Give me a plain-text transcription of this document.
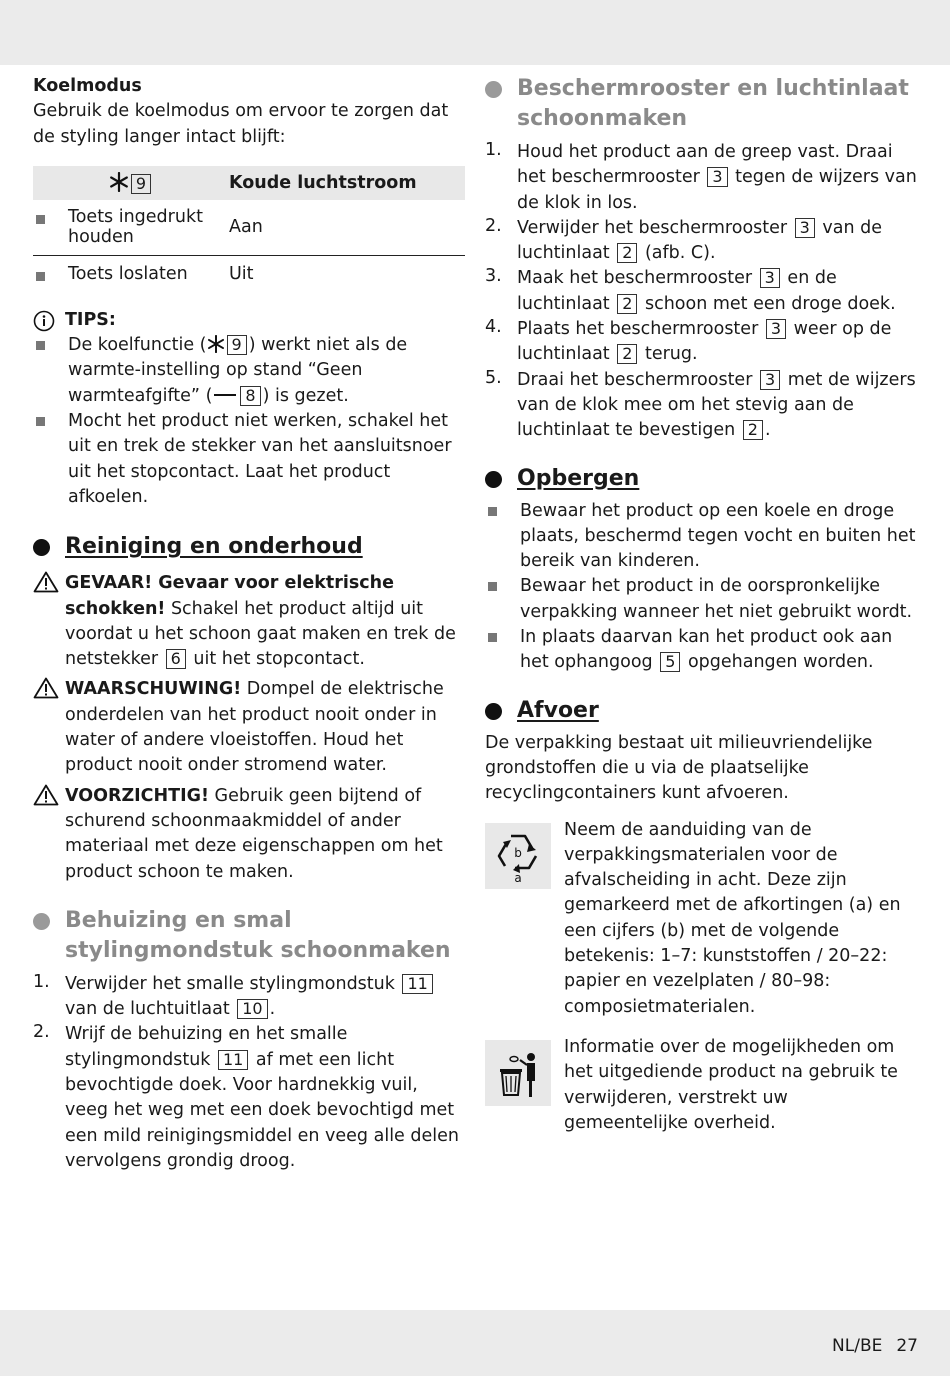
Koelmodus

Gebruik de koelmodus om ervoor te zorgen dat de styling langer intact blijft:

9	Koude luchtstroom

Toets ingedrukt houden	Aan

Toets loslaten	Uit

TIPS:

De koelfunctie ( 9 ) werkt niet als de warmte-instelling op stand “Geen warmteafgifte” ( 8 ) is gezet.

Mocht het product niet werken, schakel het uit en trek de stekker van het aansluitsnoer uit het stopcontact. Laat het product afkoelen.

Reiniging en onderhoud

GEVAAR! Gevaar voor elektrische schokken! Schakel het product altijd uit voordat u het schoon gaat maken en trek de netstekker 6 uit het stopcontact.

WAARSCHUWING! Dompel de elektrische onderdelen van het product nooit onder in water of andere vloeistoffen. Houd het product nooit onder stromend water.

VOORZICHTIG! Gebruik geen bijtend of schurend schoonmaakmiddel of ander materiaal met deze eigenschappen om het product schoon te maken.

Behuizing en smal stylingmondstuk schoonmaken
1. Verwijder het smalle stylingmondstuk 11 van de luchtuitlaat 10 .

2. Wrijf de behuizing en het smalle stylingmondstuk 11 af met een licht bevochtigde doek. Voor hardnekkig vuil, veeg het weg met een doek bevochtigd met een mild reinigingsmiddel en veeg alle delen vervolgens grondig droog.

Beschermrooster en luchtinlaat schoonmaken
1. Houd het product aan de greep vast. Draai het beschermrooster 3 tegen de wijzers van de klok in los.

2. Verwijder het beschermrooster 3 van de luchtinlaat 2 (afb. C).

3. Maak het beschermrooster 3 en de luchtinlaat 2 schoon met een droge doek.

4. Plaats het beschermrooster 3 weer op de luchtinlaat 2 terug.

5. Draai het beschermrooster 3 met de wijzers van de klok mee om het stevig aan de luchtinlaat te bevestigen 2 .

Opbergen

Bewaar het product op een koele en droge plaats, beschermd tegen vocht en buiten het bereik van kinderen.

Bewaar het product in de oorspronkelijke verpakking wanneer het niet gebruikt wordt.

In plaats daarvan kan het product ook aan het ophangoog 5 opgehangen worden.

Afvoer

De verpakking bestaat uit milieuvriendelijke grondstoffen die u via de plaatselijke recyclingcontainers kunt afvoeren.

b
a

Neem de aanduiding van de verpakkingsmaterialen voor de afvalscheiding in acht. Deze zijn gemarkeerd met de afkortingen (a) en een cijfers (b) met de volgende betekenis: 1–7: kunststoffen / 20–22: papier en vezelplaten / 80–98: composietmaterialen.

Informatie over de mogelijkheden om het uitgediende product na gebruik te verwijderen, verstrekt uw gemeentelijke overheid.

NL/BE 27
